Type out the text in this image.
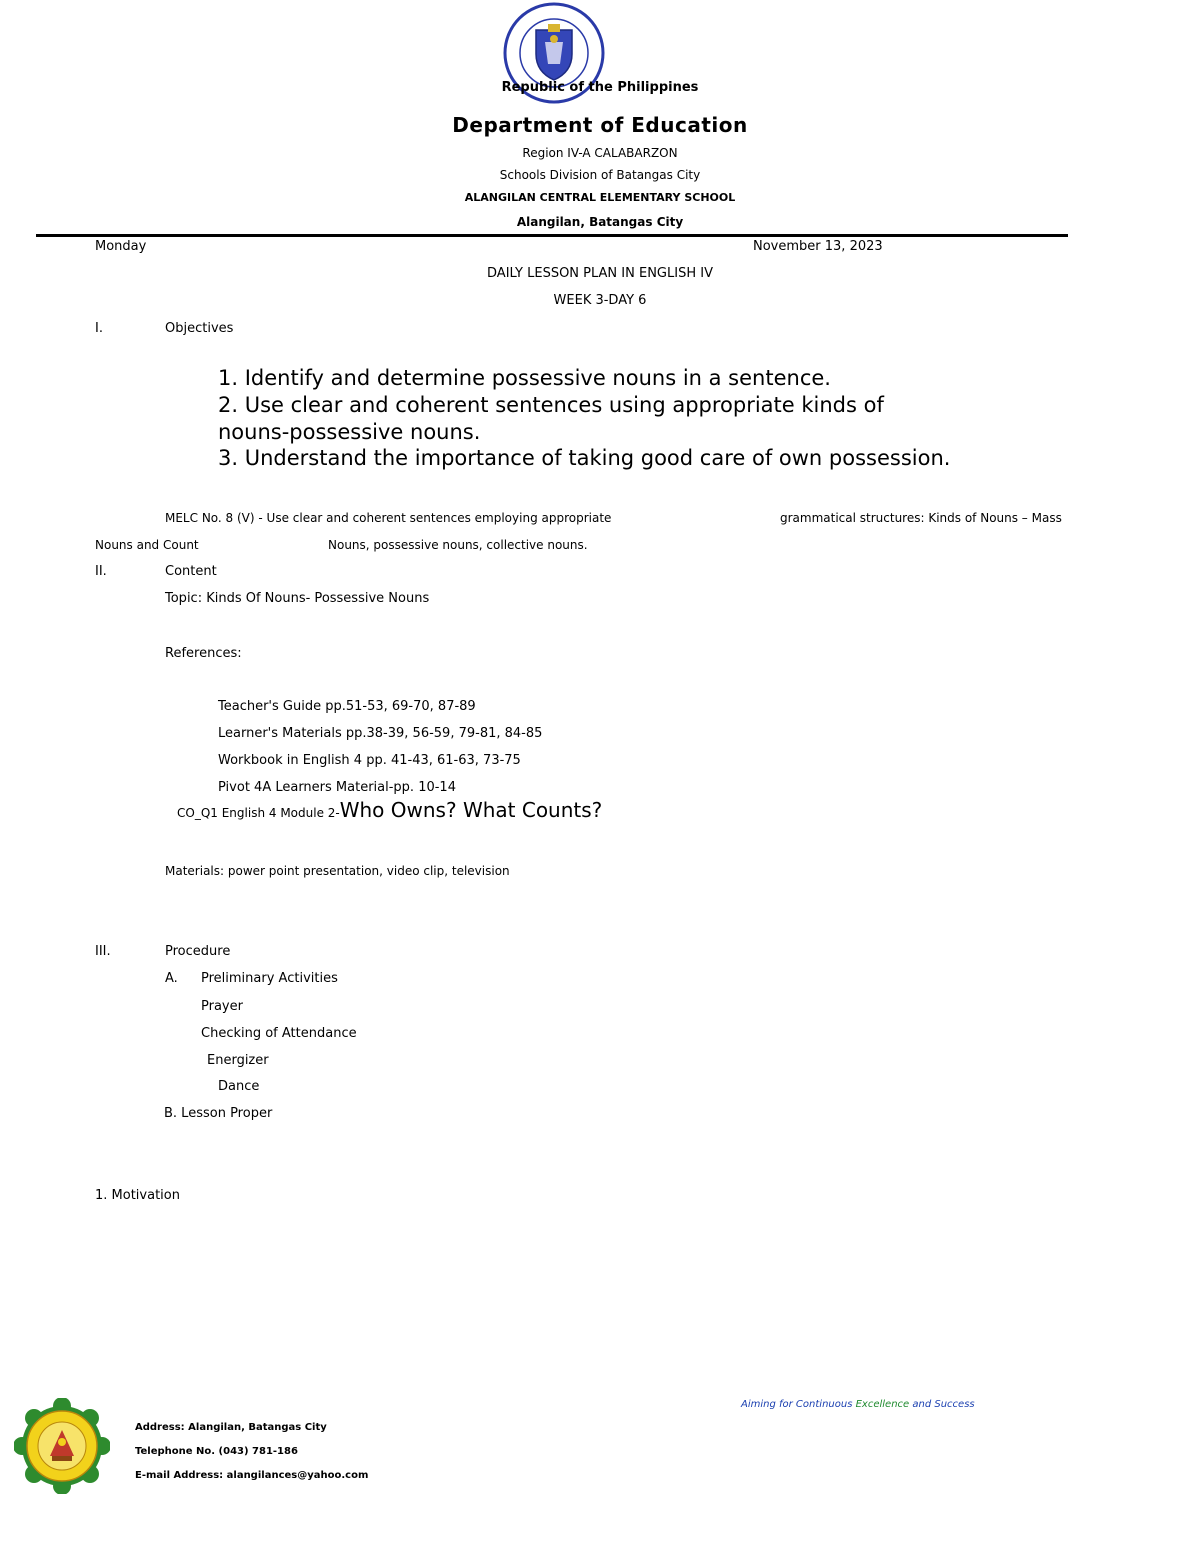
Republic of the Philippines
Department of Education
Region IV-A CALABARZON
Schools Division of Batangas City
ALANGILAN CENTRAL ELEMENTARY SCHOOL
Alangilan, Batangas City
Monday	November 13, 2023
DAILY LESSON PLAN IN ENGLISH IV
WEEK 3-DAY 6
I.	Objectives
1. Identify and determine possessive nouns in a sentence.
2. Use clear and coherent sentences using appropriate kinds of
nouns-possessive nouns.
3. Understand the importance of taking good care of own possession.
MELC No. 8 (V) - Use clear and coherent sentences employing appropriate	grammatical structures: Kinds of Nouns – Mass
Nouns and Count	Nouns, possessive nouns, collective nouns.
II.	Content
Topic: Kinds Of Nouns- Possessive Nouns
References:
Teacher's Guide pp.51-53, 69-70, 87-89
Learner's Materials pp.38-39, 56-59, 79-81, 84-85
Workbook in English 4 pp. 41-43, 61-63, 73-75
Pivot 4A Learners Material-pp. 10-14
CO_Q1 English 4 Module 2-Who Owns? What Counts?
Materials: power point presentation, video clip, television
III.	Procedure
A. Preliminary Activities
Prayer
Checking of Attendance
Energizer
Dance
B. Lesson Proper
1. Motivation
Aiming for Continuous Excellence and Success
Address: Alangilan, Batangas City
Telephone No. (043) 781-186
E-mail Address: alangilances@yahoo.com
